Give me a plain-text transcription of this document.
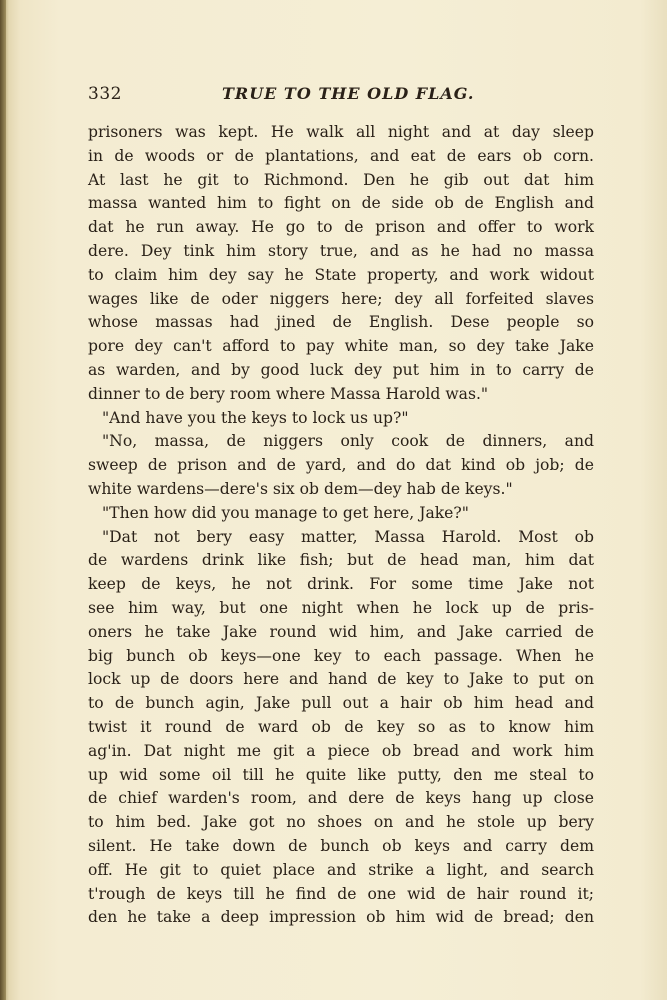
332	TRUE TO THE OLD FLAG.
prisoners was kept. He walk all night and at day sleep
in de woods or de plantations, and eat de ears ob corn.
At last he git to Richmond. Den he gib out dat him
massa wanted him to fight on de side ob de English and
dat he run away. He go to de prison and offer to work
dere. Dey tink him story true, and as he had no massa
to claim him dey say he State property, and work widout
wages like de oder niggers here; dey all forfeited slaves
whose massas had jined de English. Dese people so
pore dey can't afford to pay white man, so dey take Jake
as warden, and by good luck dey put him in to carry de
dinner to de bery room where Massa Harold was."
"And have you the keys to lock us up?"
"No, massa, de niggers only cook de dinners, and
sweep de prison and de yard, and do dat kind ob job; de
white wardens—dere's six ob dem—dey hab de keys."
"Then how did you manage to get here, Jake?"
"Dat not bery easy matter, Massa Harold. Most ob
de wardens drink like fish; but de head man, him dat
keep de keys, he not drink. For some time Jake not
see him way, but one night when he lock up de pris-
oners he take Jake round wid him, and Jake carried de
big bunch ob keys—one key to each passage. When he
lock up de doors here and hand de key to Jake to put on
to de bunch agin, Jake pull out a hair ob him head and
twist it round de ward ob de key so as to know him
ag'in. Dat night me git a piece ob bread and work him
up wid some oil till he quite like putty, den me steal to
de chief warden's room, and dere de keys hang up close
to him bed. Jake got no shoes on and he stole up bery
silent. He take down de bunch ob keys and carry dem
off. He git to quiet place and strike a light, and search
t'rough de keys till he find de one wid de hair round it;
den he take a deep impression ob him wid de bread; den
